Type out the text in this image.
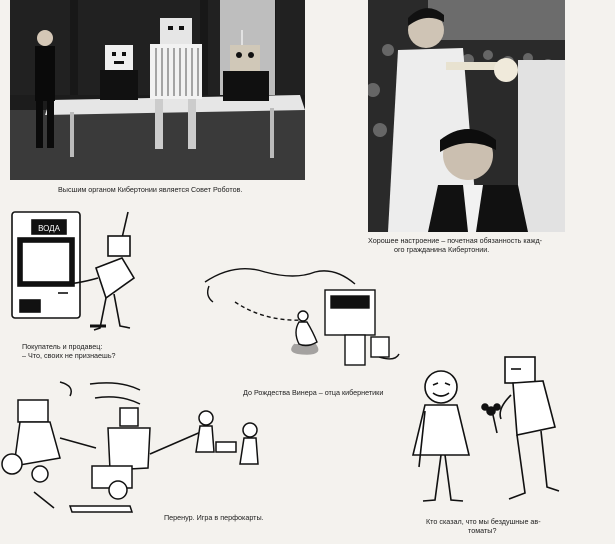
Высшим органом Кибертонии является Совет Роботов.
Хорошее настроение – почетная обязанность кажд-
ого гражданина Кибертонии.
ВОДА
Покупатель и продавец:
– Что, своих не признаешь?
До Рождества Винера – отца кибернетики
Перенур. Игра в перфокарты.	Кто сказал, что мы бездушные ав-
томаты?
